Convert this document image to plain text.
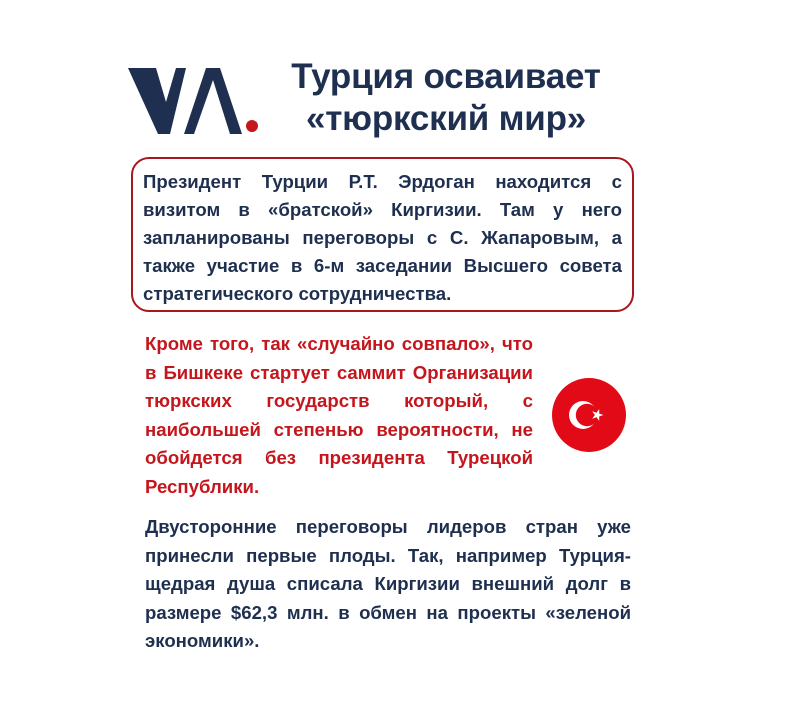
Турция осваивает
«тюркский мир»
Президент Турции Р.Т. Эрдоган находится с визитом в «братской» Киргизии. Там у него запланированы переговоры с С. Жапаровым, а также участие в 6-м заседании Высшего совета стратегического сотрудничества.
Кроме того, так «случайно совпало», что в Бишкеке стартует саммит Организации тюркских государств который, с наибольшей степенью вероятности, не обойдется без президента Турецкой Республики.
Двусторонние переговоры лидеров стран уже принесли первые плоды. Так, например Турция-щедрая душа списала Киргизии внешний долг в размере $62,3 млн. в обмен на проекты «зеленой экономики».
